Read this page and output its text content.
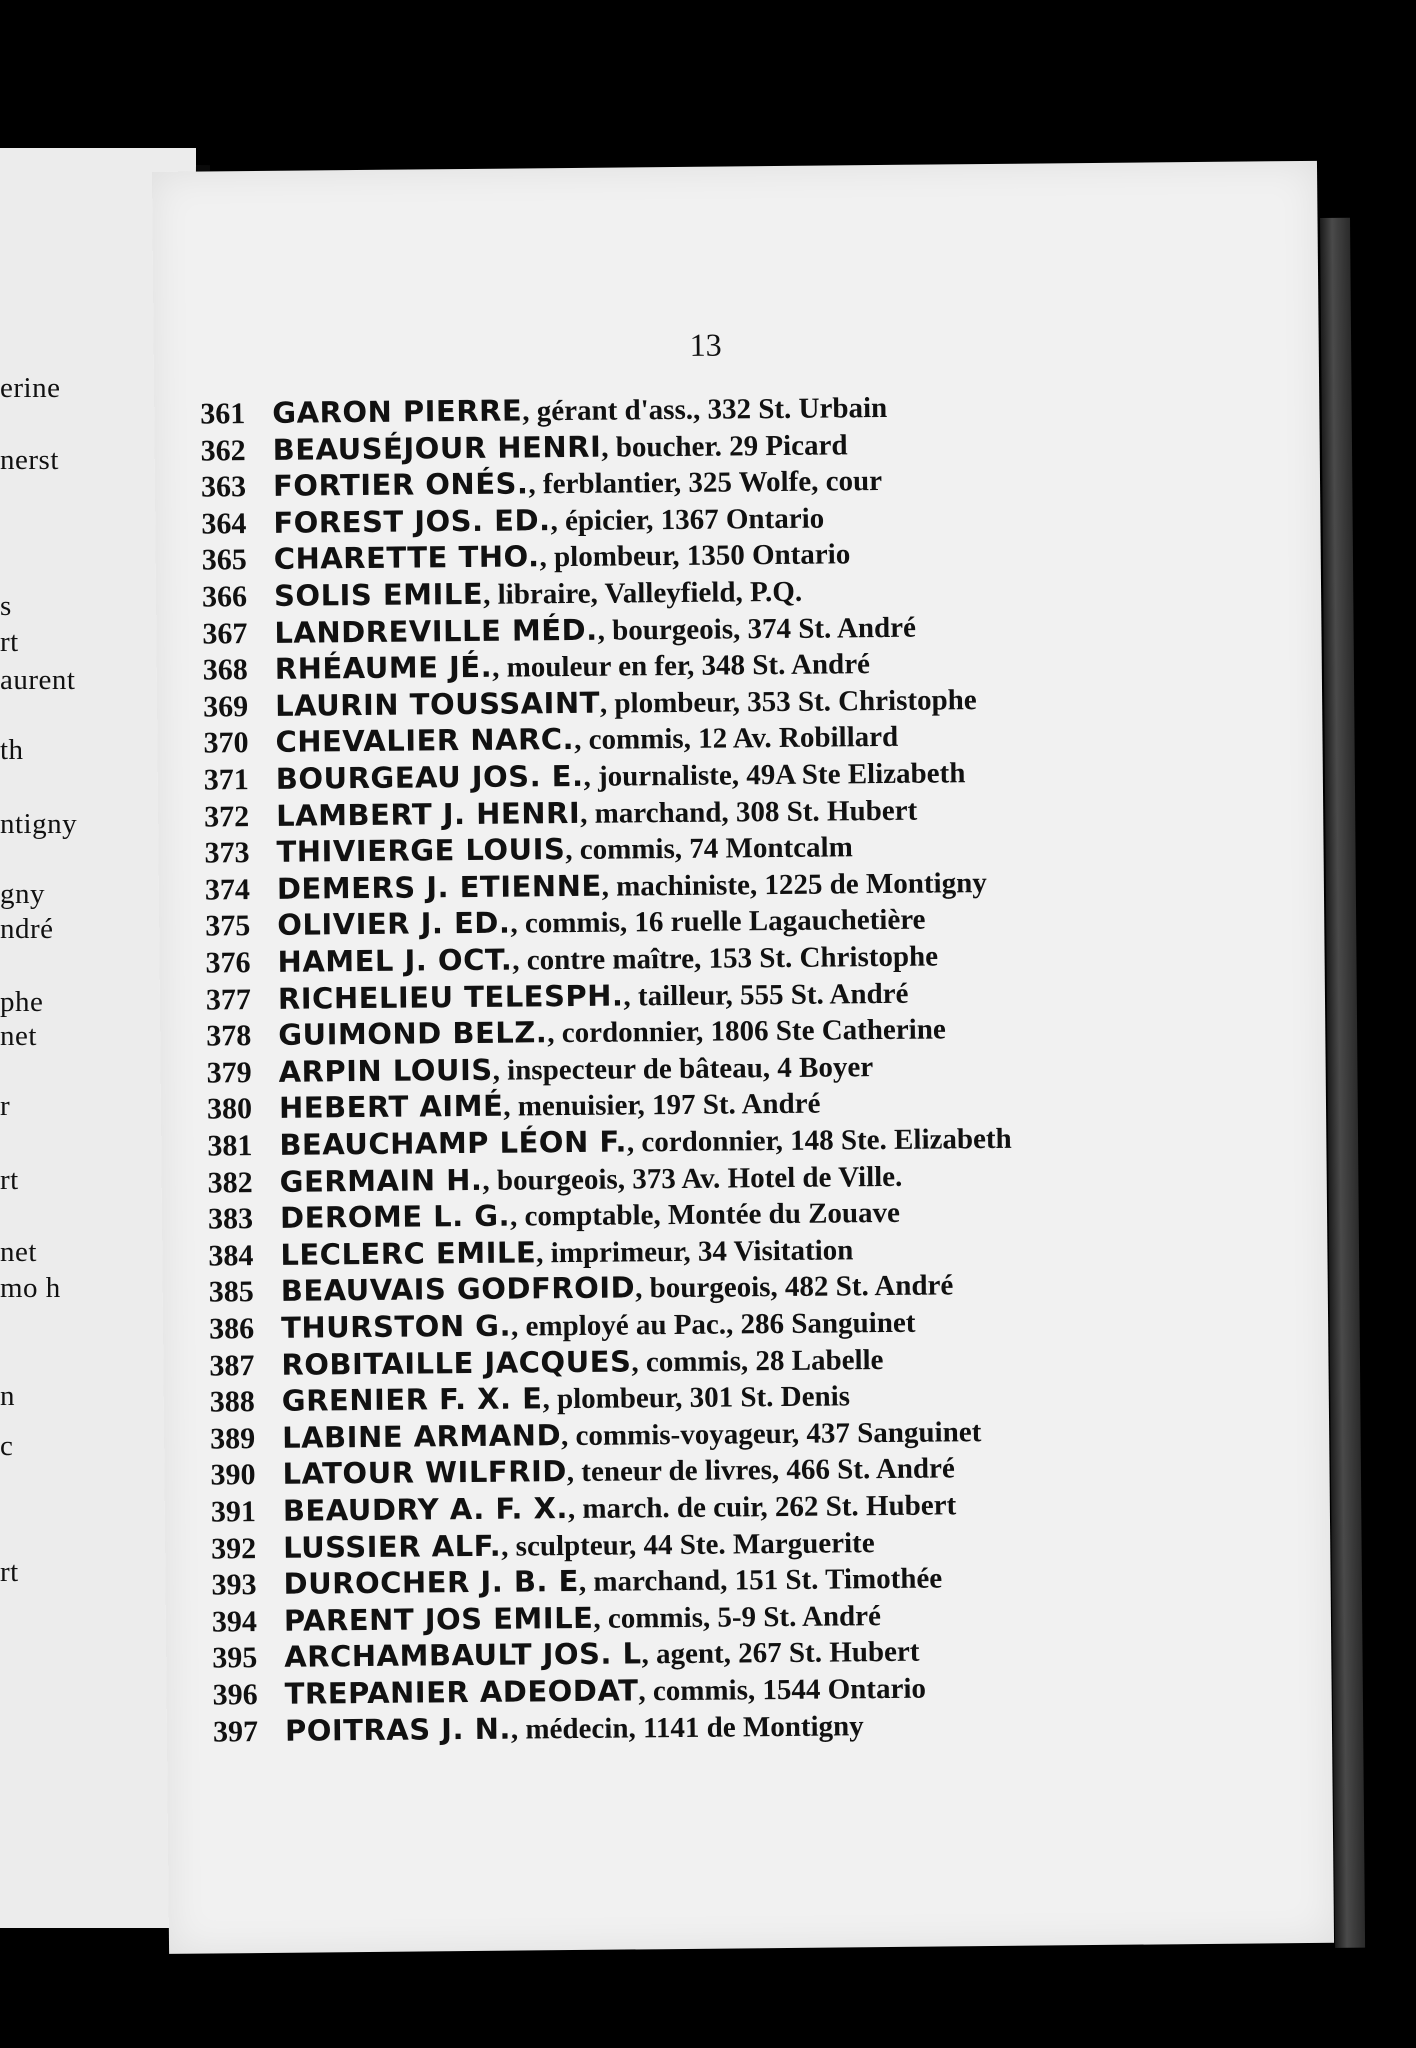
erine
nerst
s
rt
aurent
th
ntigny
gny
ndré
phe
net
r
rt
net
mo h
n
c
rt
13
361 GARON PIERRE, gérant d'ass., 332 St. Urbain
362 BEAUSÉJOUR HENRI, boucher. 29 Picard
363 FORTIER ONÉS., ferblantier, 325 Wolfe, cour
364 FOREST JOS. ED., épicier, 1367 Ontario
365 CHARETTE THO., plombeur, 1350 Ontario
366 SOLIS EMILE, libraire, Valleyfield, P.Q.
367 LANDREVILLE MÉD., bourgeois, 374 St. André
368 RHÉAUME JÉ., mouleur en fer, 348 St. André
369 LAURIN TOUSSAINT, plombeur, 353 St. Christophe
370 CHEVALIER NARC., commis, 12 Av. Robillard
371 BOURGEAU JOS. E., journaliste, 49A Ste Elizabeth
372 LAMBERT J. HENRI, marchand, 308 St. Hubert
373 THIVIERGE LOUIS, commis, 74 Montcalm
374 DEMERS J. ETIENNE, machiniste, 1225 de Montigny
375 OLIVIER J. ED., commis, 16 ruelle Lagauchetière
376 HAMEL J. OCT., contre maître, 153 St. Christophe
377 RICHELIEU TELESPH., tailleur, 555 St. André
378 GUIMOND BELZ., cordonnier, 1806 Ste Catherine
379 ARPIN LOUIS, inspecteur de bâteau, 4 Boyer
380 HEBERT AIMÉ, menuisier, 197 St. André
381 BEAUCHAMP LÉON F., cordonnier, 148 Ste. Elizabeth
382 GERMAIN H., bourgeois, 373 Av. Hotel de Ville.
383 DEROME L. G., comptable, Montée du Zouave
384 LECLERC EMILE, imprimeur, 34 Visitation
385 BEAUVAIS GODFROID, bourgeois, 482 St. André
386 THURSTON G., employé au Pac., 286 Sanguinet
387 ROBITAILLE JACQUES, commis, 28 Labelle
388 GRENIER F. X. E, plombeur, 301 St. Denis
389 LABINE ARMAND, commis-voyageur, 437 Sanguinet
390 LATOUR WILFRID, teneur de livres, 466 St. André
391 BEAUDRY A. F. X., march. de cuir, 262 St. Hubert
392 LUSSIER ALF., sculpteur, 44 Ste. Marguerite
393 DUROCHER J. B. E, marchand, 151 St. Timothée
394 PARENT JOS EMILE, commis, 5-9 St. André
395 ARCHAMBAULT JOS. L, agent, 267 St. Hubert
396 TREPANIER ADEODAT, commis, 1544 Ontario
397 POITRAS J. N., médecin, 1141 de Montigny
